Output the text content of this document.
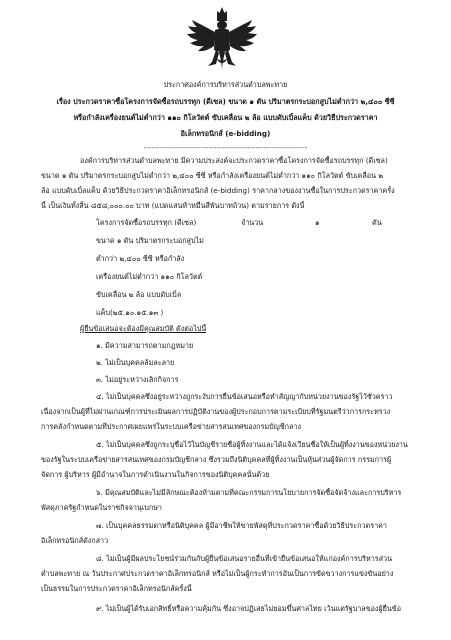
ประกาศองค์การบริหารส่วนตำบลพะทาย
เรื่อง ประกวดราคาซื้อโครงการจัดซื้อรถบรรทุก (ดีเซล) ขนาด ๑ ตัน ปริมาตรกระบอกสูบไม่ต่ำกว่า ๒,๔๐๐ ซีซี
หรือกำลังเครื่องยนต์ไม่ต่ำกว่า ๑๑๐ กิโลวัตต์ ขับเคลื่อน ๒ ล้อ แบบดับเบิ้ลแค็บ ด้วยวิธีประกวดราคา
อิเล็กทรอนิกส์ (e-bidding)
---------------------------------------------------------------
องค์การบริหารส่วนตำบลพะทาย มีความประสงค์จะประกวดราคาซื้อโครงการจัดซื้อรถบรรทุก (ดีเซล)
ขนาด ๑ ตัน ปริมาตรกระบอกสูบไม่ต่ำกว่า ๒,๔๐๐ ซีซี หรือกำลังเครื่องยนต์ไม่ต่ำกว่า ๑๑๐ กิโลวัตต์ ขับเคลื่อน ๒
ล้อ แบบดับเบิ้ลแค็บ ด้วยวิธีประกวดราคาอิเล็กทรอนิกส์ (e-bidding) ราคากลางของงานซื้อในการประกวดราคาครั้ง
นี้ เป็นเงินทั้งสิ้น ๘๕๘,๐๐๐.๐๐ บาท (แปดแสนห้าหมื่นสี่พันบาทถ้วน) ตามรายการ ดังนี้
โครงการจัดซื้อรถบรรทุก (ดีเซล)	จำนวน	๑	คัน
ขนาด ๑ ตัน ปริมาตรกระบอกสูบไม่
ต่ำกว่า ๒,๔๐๐ ซีซี หรือกำลัง
เครื่องยนต์ไม่ต่ำกว่า ๑๑๐ กิโลวัตต์
ขับเคลื่อน ๒ ล้อ แบบดับเบิ้ล
แค็บ(๒๕.๑๐.๑๕.๑๓ )
ผู้ยื่นข้อเสนอจะต้องมีคุณสมบัติ ดังต่อไปนี้
๑. มีความสามารถตามกฎหมาย
๒. ไม่เป็นบุคคลล้มละลาย
๓. ไม่อยู่ระหว่างเลิกกิจการ
๔. ไม่เป็นบุคคลซึ่งอยู่ระหว่างถูกระงับการยื่นข้อเสนอหรือทำสัญญากับหน่วยงานของรัฐไว้ชั่วคราว
เนื่องจากเป็นผู้ที่ไม่ผ่านเกณฑ์การประเมินผลการปฏิบัติงานของผู้ประกอบการตามระเบียบที่รัฐมนตรีว่าการกระทรวง
การคลังกำหนดตามที่ประกาศเผยแพร่ในระบบเครือข่ายสารสนเทศของกรมบัญชีกลาง
๕. ไม่เป็นบุคคลซึ่งถูกระบุชื่อไว้ในบัญชีรายชื่อผู้ทิ้งงานและได้แจ้งเวียนชื่อให้เป็นผู้ทิ้งงานของหน่วยงาน
ของรัฐในระบบเครือข่ายสารสนเทศของกรมบัญชีกลาง ซึ่งรวมถึงนิติบุคคลที่ผู้ทิ้งงานเป็นหุ้นส่วนผู้จัดการ กรรมการผู้
จัดการ ผู้บริหาร ผู้มีอำนาจในการดำเนินงานในกิจการของนิติบุคคลนั้นด้วย
๖. มีคุณสมบัติและไม่มีลักษณะต้องห้ามตามที่คณะกรรมการนโยบายการจัดซื้อจัดจ้างและการบริหาร
พัสดุภาครัฐกำหนดในราชกิจจานุเบกษา
๗. เป็นบุคคลธรรมดาหรือนิติบุคคล ผู้มีอาชีพให้ขายพัสดุที่ประกวดราคาซื้อด้วยวิธีประกวดราคา
อิเล็กทรอนิกส์ดังกล่าว
๘. ไม่เป็นผู้มีผลประโยชน์ร่วมกันกับผู้ยื่นข้อเสนอรายอื่นที่เข้ายื่นข้อเสนอให้แก่องค์การบริหารส่วน
ตำบลพะทาย ณ วันประกาศประกวดราคาอิเล็กทรอนิกส์ หรือไม่เป็นผู้กระทำการอันเป็นการขัดขวางการแข่งขันอย่าง
เป็นธรรมในการประกวดราคาอิเล็กทรอนิกส์ครั้งนี้
๙. ไม่เป็นผู้ได้รับเอกสิทธิ์หรือความคุ้มกัน ซึ่งอาจปฏิเสธไม่ยอมขึ้นศาลไทย เว้นแต่รัฐบาลของผู้ยื่นข้อ
